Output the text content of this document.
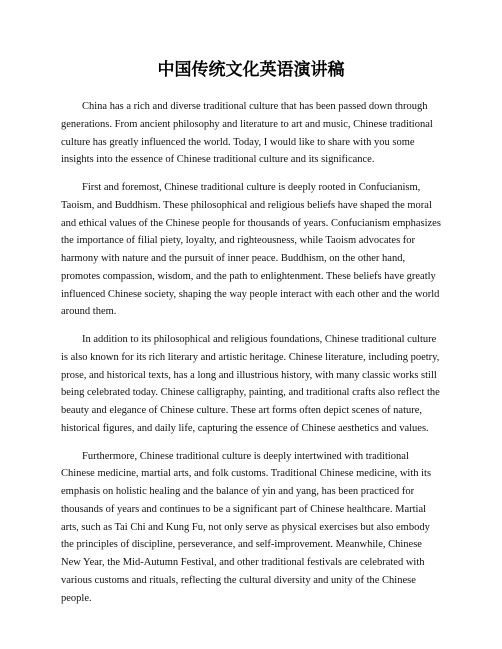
中国传统文化英语演讲稿

China has a rich and diverse traditional culture that has been passed down through generations. From ancient philosophy and literature to art and music, Chinese traditional culture has greatly influenced the world. Today, I would like to share with you some insights into the essence of Chinese traditional culture and its significance.

First and foremost, Chinese traditional culture is deeply rooted in Confucianism, Taoism, and Buddhism. These philosophical and religious beliefs have shaped the moral and ethical values of the Chinese people for thousands of years. Confucianism emphasizes the importance of filial piety, loyalty, and righteousness, while Taoism advocates for harmony with nature and the pursuit of inner peace. Buddhism, on the other hand, promotes compassion, wisdom, and the path to enlightenment. These beliefs have greatly influenced Chinese society, shaping the way people interact with each other and the world around them.

In addition to its philosophical and religious foundations, Chinese traditional culture is also known for its rich literary and artistic heritage. Chinese literature, including poetry, prose, and historical texts, has a long and illustrious history, with many classic works still being celebrated today. Chinese calligraphy, painting, and traditional crafts also reflect the beauty and elegance of Chinese culture. These art forms often depict scenes of nature, historical figures, and daily life, capturing the essence of Chinese aesthetics and values.

Furthermore, Chinese traditional culture is deeply intertwined with traditional Chinese medicine, martial arts, and folk customs. Traditional Chinese medicine, with its emphasis on holistic healing and the balance of yin and yang, has been practiced for thousands of years and continues to be a significant part of Chinese healthcare. Martial arts, such as Tai Chi and Kung Fu, not only serve as physical exercises but also embody the principles of discipline, perseverance, and self-improvement. Meanwhile, Chinese New Year, the Mid-Autumn Festival, and other traditional festivals are celebrated with various customs and rituals, reflecting the cultural diversity and unity of the Chinese people.
